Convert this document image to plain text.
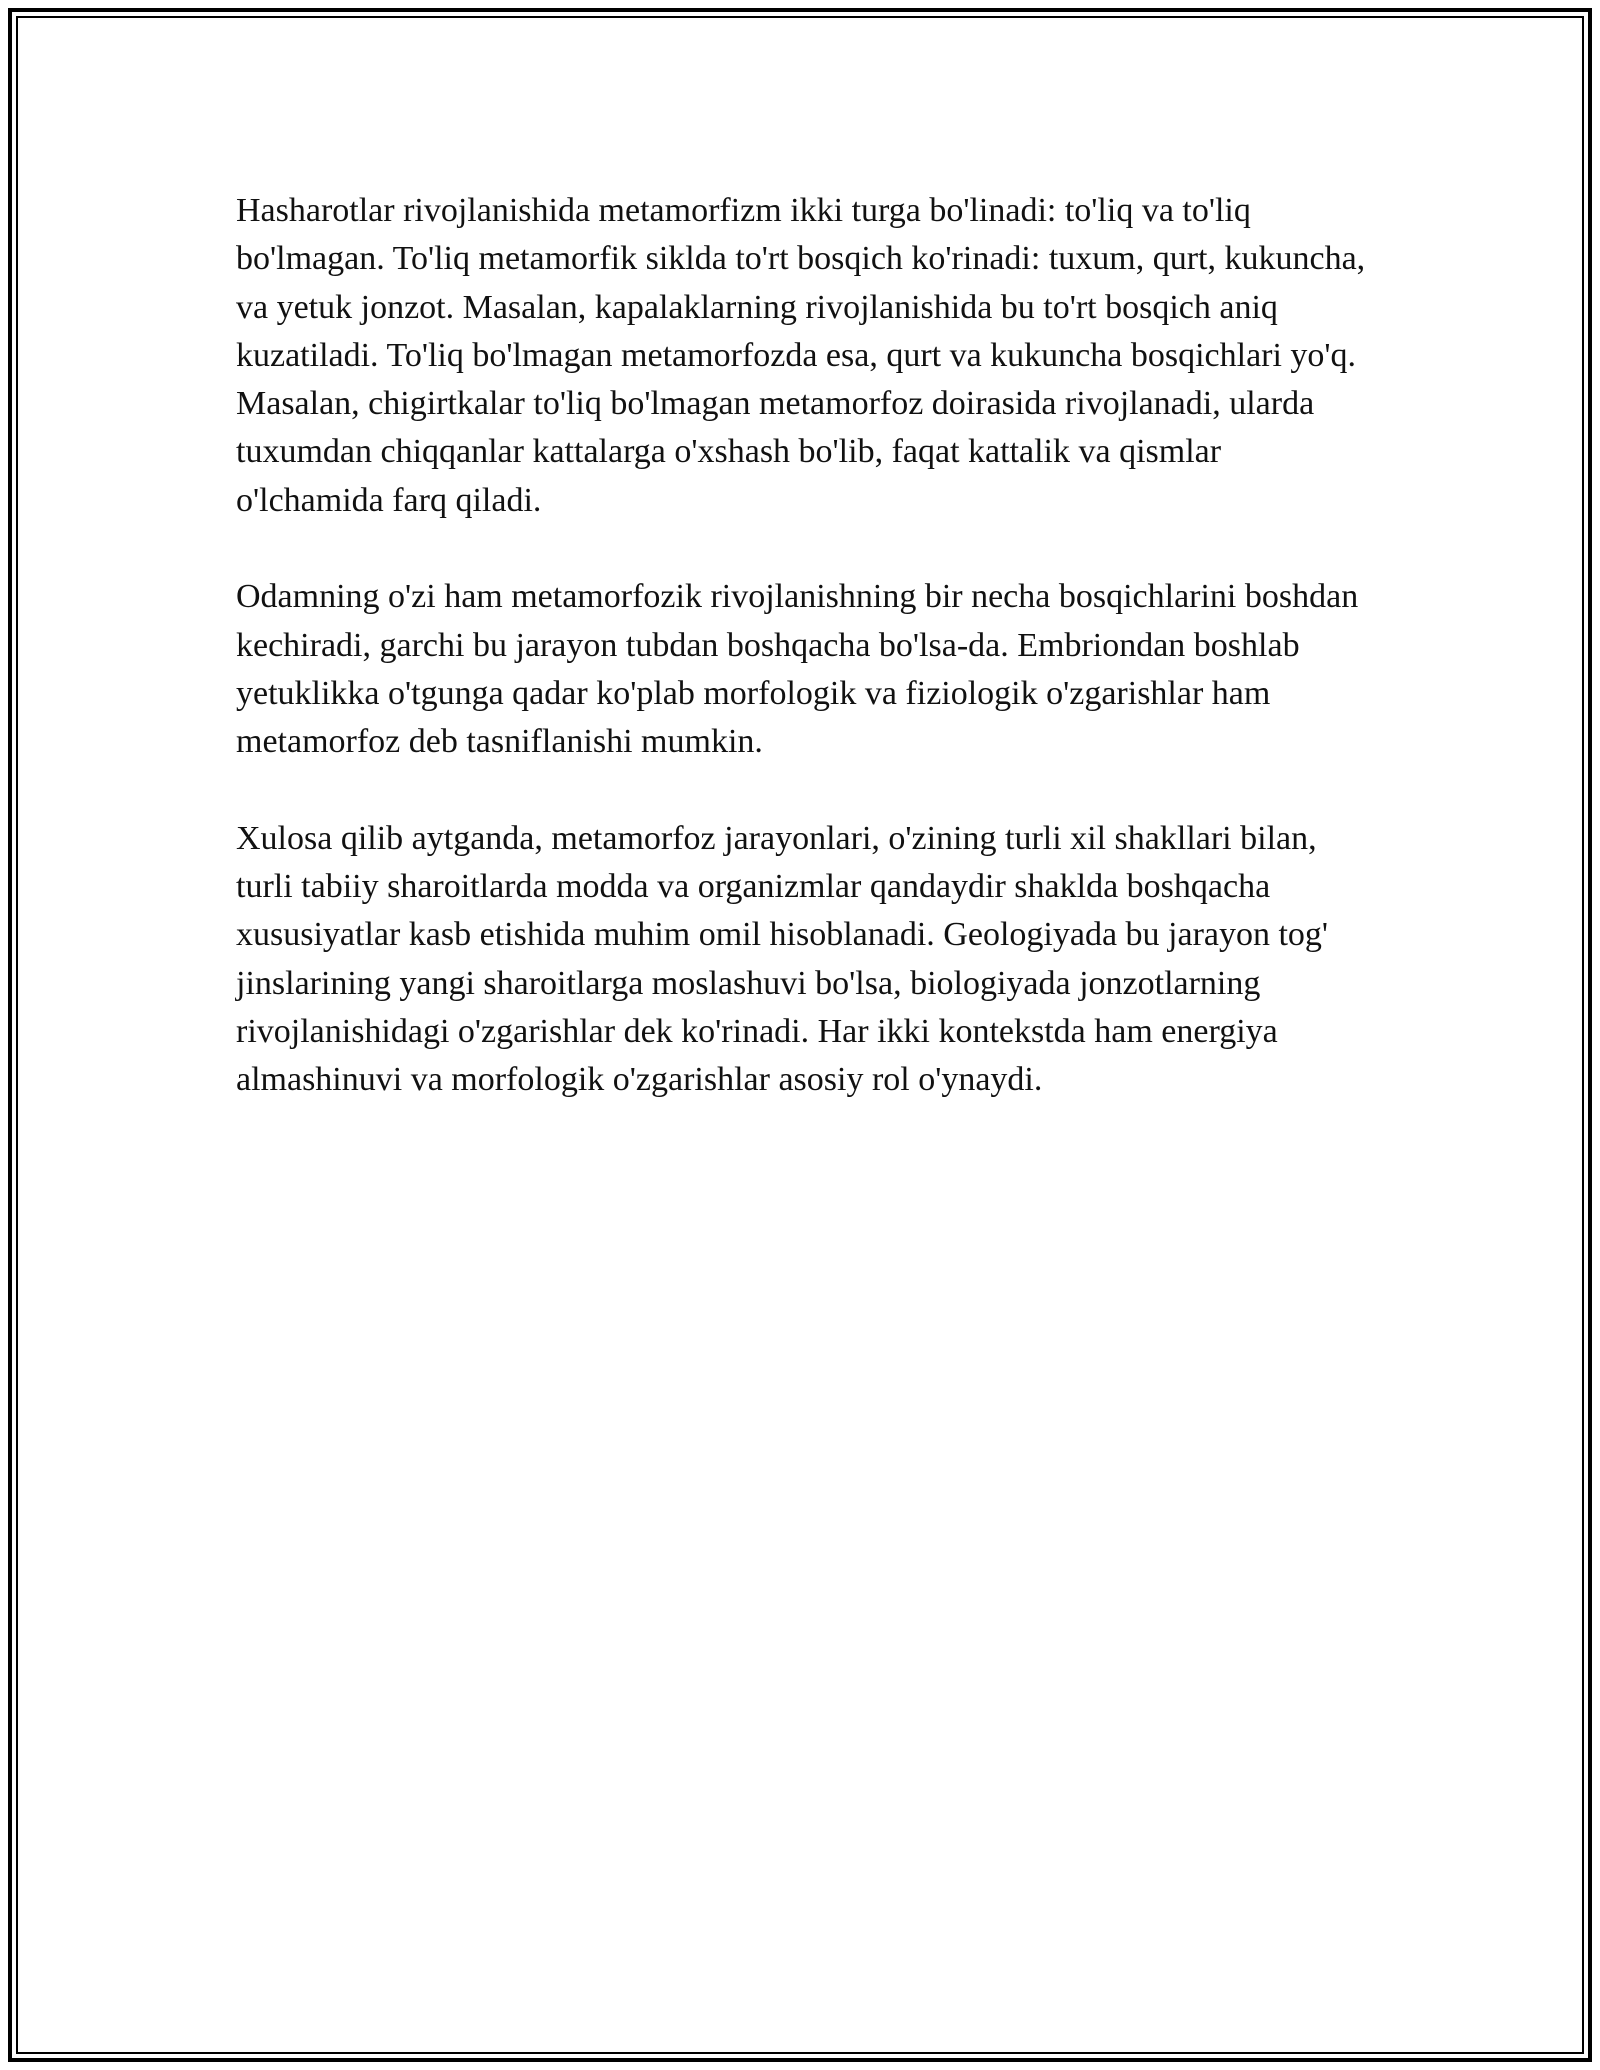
Hasharotlar rivojlanishida metamorfizm ikki turga bo'linadi: to'liq va to'liq bo'lmagan. To'liq metamorfik siklda to'rt bosqich ko'rinadi: tuxum, qurt, kukuncha, va yetuk jonzot. Masalan, kapalaklarning rivojlanishida bu to'rt bosqich aniq kuzatiladi. To'liq bo'lmagan metamorfozda esa, qurt va kukuncha bosqichlari yo'q. Masalan, chigirtkalar to'liq bo'lmagan metamorfoz doirasida rivojlanadi, ularda tuxumdan chiqqanlar kattalarga o'xshash bo'lib, faqat kattalik va qismlar o'lchamida farq qiladi.

Odamning o'zi ham metamorfozik rivojlanishning bir necha bosqichlarini boshdan kechiradi, garchi bu jarayon tubdan boshqacha bo'lsa-da. Embriondan boshlab yetuklikka o'tgunga qadar ko'plab morfologik va fiziologik o'zgarishlar ham metamorfoz deb tasniflanishi mumkin.

Xulosa qilib aytganda, metamorfoz jarayonlari, o'zining turli xil shakllari bilan, turli tabiiy sharoitlarda modda va organizmlar qandaydir shaklda boshqacha xususiyatlar kasb etishida muhim omil hisoblanadi. Geologiyada bu jarayon tog' jinslarining yangi sharoitlarga moslashuvi bo'lsa, biologiyada jonzotlarning rivojlanishidagi o'zgarishlar dek ko'rinadi. Har ikki kontekstda ham energiya almashinuvi va morfologik o'zgarishlar asosiy rol o'ynaydi.
